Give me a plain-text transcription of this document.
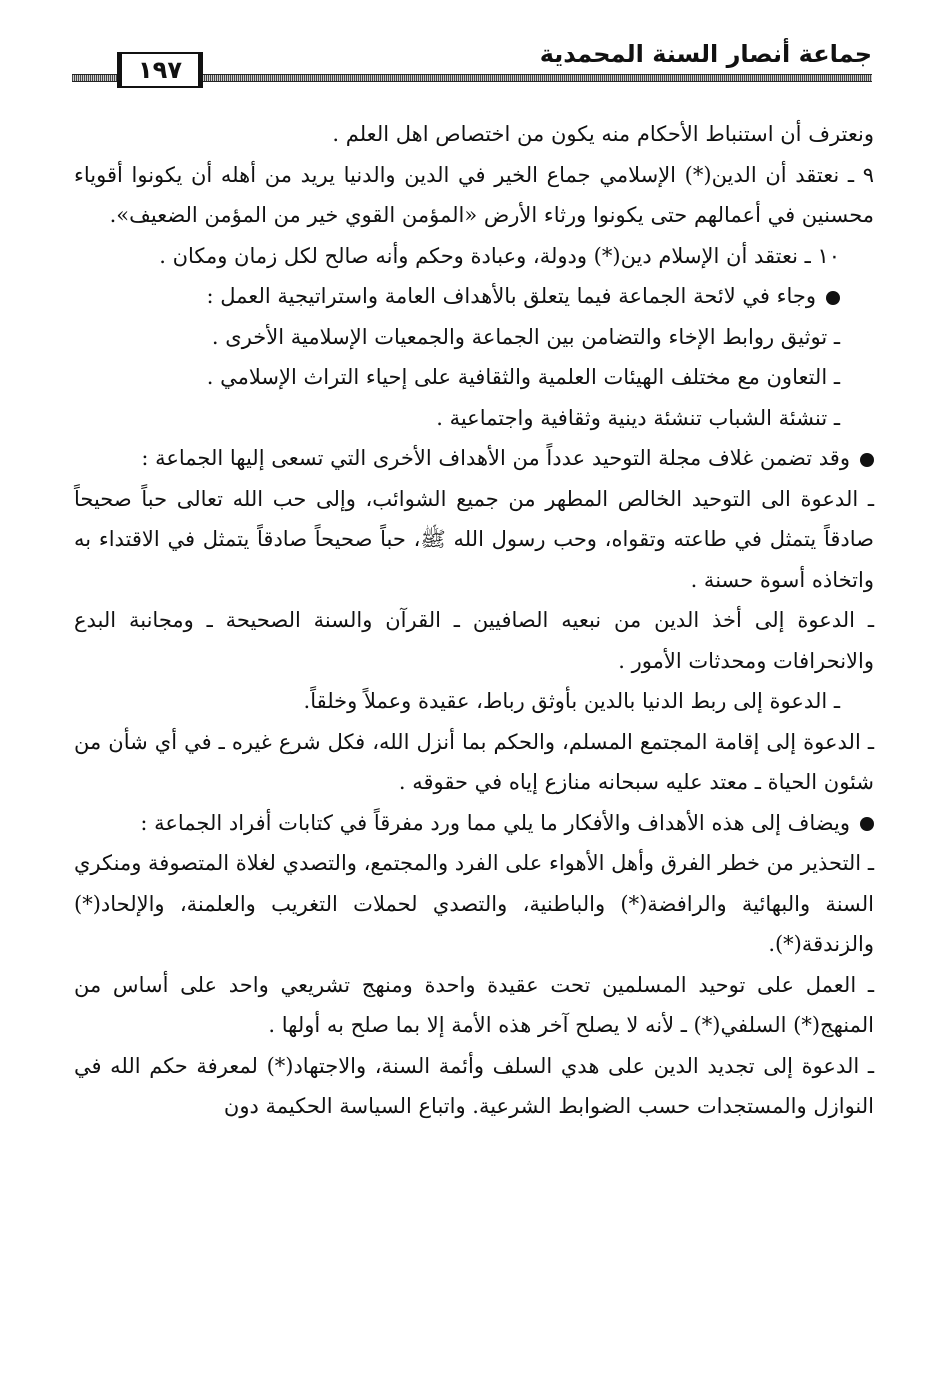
جماعة أنصار السنة المحمدية
١٩٧

ونعترف أن استنباط الأحكام منه يكون من اختصاص اهل العلم .

٩ ـ نعتقد أن الدين(*) الإسلامي جماع الخير في الدين والدنيا يريد من أهله أن يكونوا أقوياء محسنين في أعمالهم حتى يكونوا ورثاء الأرض «المؤمن القوي خير من المؤمن الضعيف».

١٠ ـ نعتقد أن الإسلام دين(*) ودولة، وعبادة وحكم وأنه صالح لكل زمان ومكان .

وجاء في لائحة الجماعة فيما يتعلق بالأهداف العامة واستراتيجية العمل :

ـ توثيق روابط الإخاء والتضامن بين الجماعة والجمعيات الإسلامية الأخرى .

ـ التعاون مع مختلف الهيئات العلمية والثقافية على إحياء التراث الإسلامي .

ـ تنشئة الشباب تنشئة دينية وثقافية واجتماعية .

وقد تضمن غلاف مجلة التوحيد عدداً من الأهداف الأخرى التي تسعى إليها الجماعة :

ـ الدعوة الى التوحيد الخالص المطهر من جميع الشوائب، وإلى حب الله تعالى حباً صحيحاً صادقاً يتمثل في طاعته وتقواه، وحب رسول الله ﷺ، حباً صحيحاً صادقاً يتمثل في الاقتداء به واتخاذه أسوة حسنة .

ـ الدعوة إلى أخذ الدين من نبعيه الصافيين ـ القرآن والسنة الصحيحة ـ ومجانبة البدع والانحرافات ومحدثات الأمور .

ـ الدعوة إلى ربط الدنيا بالدين بأوثق رباط، عقيدة وعملاً وخلقاً.

ـ الدعوة إلى إقامة المجتمع المسلم، والحكم بما أنزل الله، فكل شرع غيره ـ في أي شأن من شئون الحياة ـ معتد عليه سبحانه منازع إياه في حقوقه .

ويضاف إلى هذه الأهداف والأفكار ما يلي مما ورد مفرقاً في كتابات أفراد الجماعة :

ـ التحذير من خطر الفرق وأهل الأهواء على الفرد والمجتمع، والتصدي لغلاة المتصوفة ومنكري السنة والبهائية والرافضة(*) والباطنية، والتصدي لحملات التغريب والعلمنة، والإلحاد(*) والزندقة(*).

ـ العمل على توحيد المسلمين تحت عقيدة واحدة ومنهج تشريعي واحد على أساس من المنهج(*) السلفي(*) ـ لأنه لا يصلح آخر هذه الأمة إلا بما صلح به أولها .

ـ الدعوة إلى تجديد الدين على هدي السلف وأئمة السنة، والاجتهاد(*) لمعرفة حكم الله في النوازل والمستجدات حسب الضوابط الشرعية. واتباع السياسة الحكيمة دون
